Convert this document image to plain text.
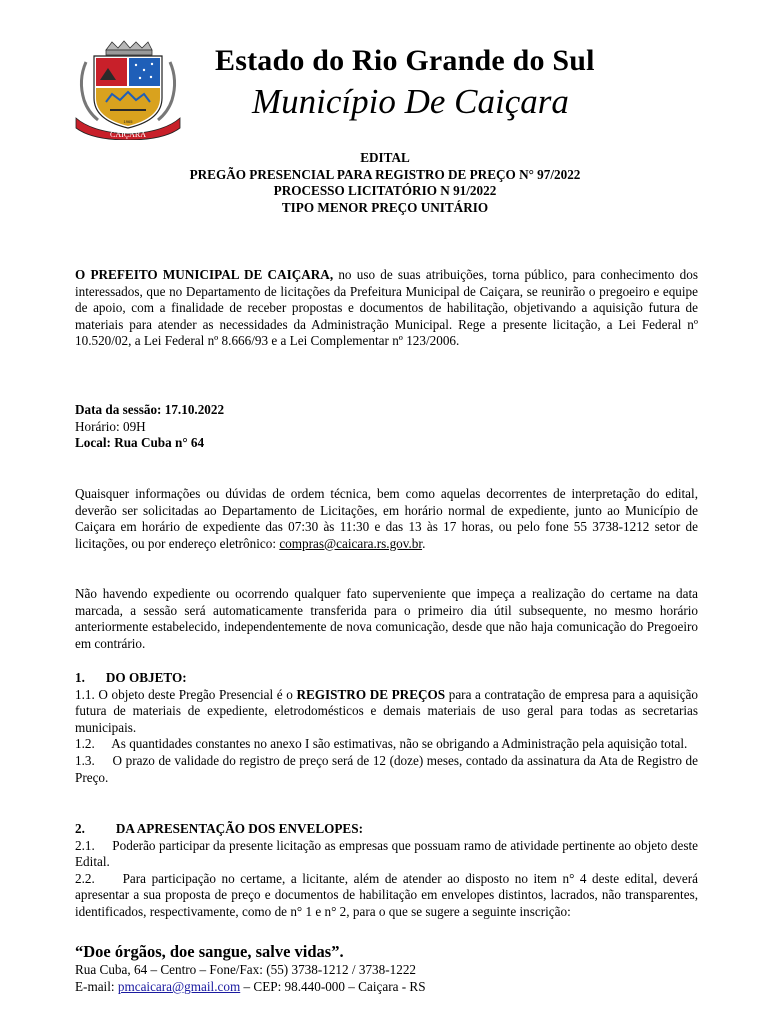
CAIÇARA
1965
Estado do Rio Grande do Sul
Município De Caiçara
EDITAL
PREGÃO PRESENCIAL PARA REGISTRO DE PREÇO N° 97/2022
PROCESSO LICITATÓRIO N 91/2022
TIPO MENOR PREÇO UNITÁRIO

O PREFEITO MUNICIPAL DE CAIÇARA, no uso de suas atribuições, torna público, para conhecimento dos interessados, que no Departamento de licitações da Prefeitura Municipal de Caiçara, se reunirão o pregoeiro e equipe de apoio, com a finalidade de receber propostas e documentos de habilitação, objetivando a aquisição futura de materiais para atender as necessidades da Administração Municipal. Rege a presente licitação, a Lei Federal nº 10.520/02, a Lei Federal nº 8.666/93 e a Lei Complementar nº 123/2006.

Data da sessão: 17.10.2022
Horário: 09H
Local: Rua Cuba n° 64

Quaisquer informações ou dúvidas de ordem técnica, bem como aquelas decorrentes de interpretação do edital, deverão ser solicitadas ao Departamento de Licitações, em horário normal de expediente, junto ao Município de Caiçara em horário de expediente das 07:30 às 11:30 e das 13 às 17 horas, ou pelo fone 55 3738-1212 setor de licitações, ou por endereço eletrônico: compras@caicara.rs.gov.br.

Não havendo expediente ou ocorrendo qualquer fato superveniente que impeça a realização do certame na data marcada, a sessão será automaticamente transferida para o primeiro dia útil subsequente, no mesmo horário anteriormente estabelecido, independentemente de nova comunicação, desde que não haja comunicação do Pregoeiro em contrário.

1. DO OBJETO:

1.1. O objeto deste Pregão Presencial é o REGISTRO DE PREÇOS para a contratação de empresa para a aquisição futura de materiais de expediente, eletrodomésticos e demais materiais de uso geral para todas as secretarias municipais.

1.2.     As quantidades constantes no anexo I são estimativas, não se obrigando a Administração pela aquisição total.

1.3.     O prazo de validade do registro de preço será de 12 (doze) meses, contado da assinatura da Ata de Registro de Preço.

2. DA APRESENTAÇÃO DOS ENVELOPES:

2.1.     Poderão participar da presente licitação as empresas que possuam ramo de atividade pertinente ao objeto deste Edital.

2.2.     Para participação no certame, a licitante, além de atender ao disposto no item n° 4 deste edital, deverá apresentar a sua proposta de preço e documentos de habilitação em envelopes distintos, lacrados, não transparentes, identificados, respectivamente, como de n° 1 e n° 2, para o que se sugere a seguinte inscrição:

“Doe órgãos, doe sangue, salve vidas”.
Rua Cuba, 64 – Centro – Fone/Fax: (55) 3738-1212 / 3738-1222
E-mail: pmcaicara@gmail.com – CEP: 98.440-000 – Caiçara - RS
